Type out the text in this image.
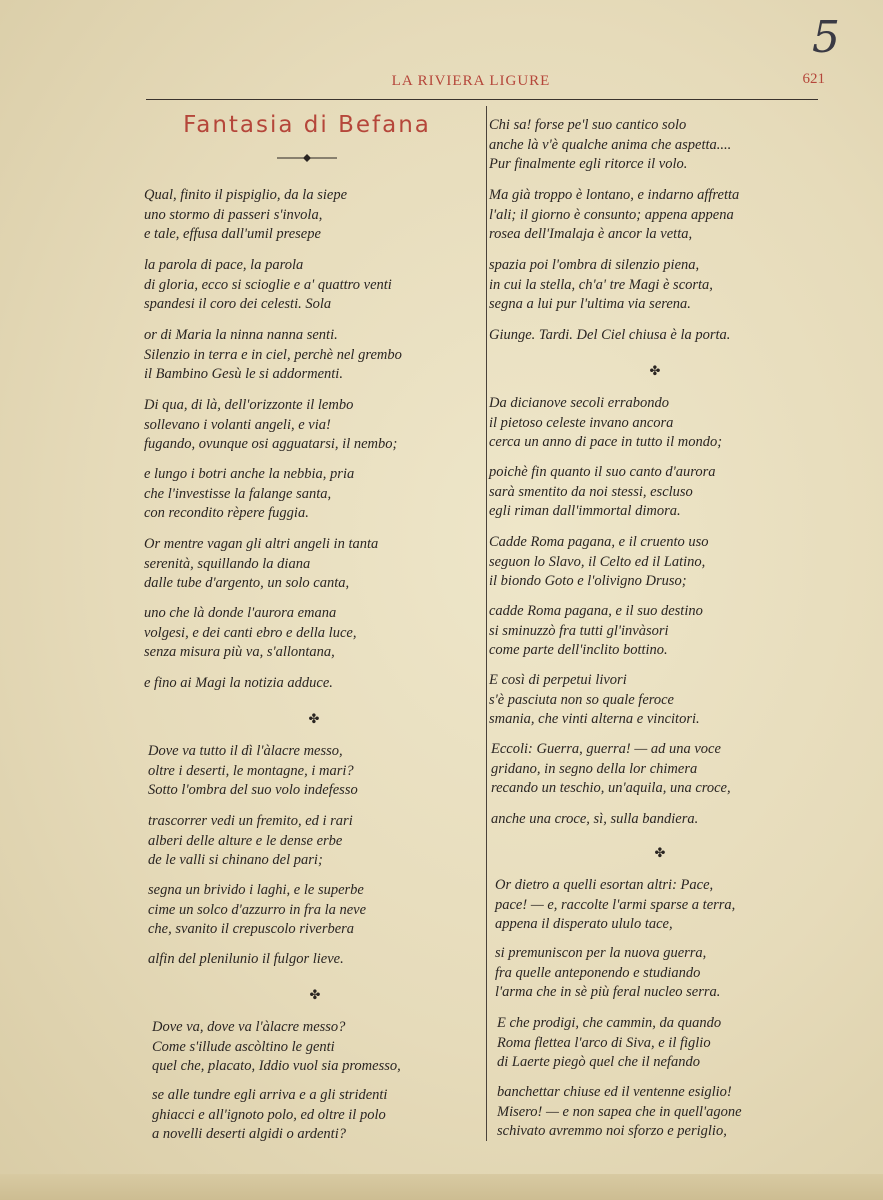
5
LA RIVIERA LIGURE	621
Fantasia di Befana
Qual, finito il pispiglio, da la siepe
uno stormo di passeri s'invola,
e tale, effusa dall'umil presepe
la parola di pace, la parola
di gloria, ecco si sciogliе e a' quattro venti
spandesi il coro dei celesti. Sola
or di Maria la ninna nanna senti.
Silenzio in terra e in ciel, perchè nel grembo
il Bambino Gesù le si addormenti.
Di qua, di là, dell'orizzonte il lembo
sollevano i volanti angeli, e via!
fugando, ovunque osi agguatarsi, il nembo;
e lungo i botri anche la nebbia, pria
che l'investisse la falange santa,
con recondito rèpere fuggia.
Or mentre vagan gli altri angeli in tanta
serenità, squillando la diana
dalle tube d'argento, un solo canta,
uno che là donde l'aurora emana
volgesi, e dei canti ebro e della luce,
senza misura più va, s'allontana,
e fino ai Magi la notizia adduce.
✤
Dove va tutto il dì l'àlacre messo,
oltre i deserti, le montagne, i mari?
Sotto l'ombra del suo volo indefesso
trascorrer vedi un fremito, ed i rari
alberi delle alture e le dense erbe
de le valli si chinano del pari;
segna un brivido i laghi, e le superbe
cime un solco d'azzurro in fra la neve
che, svanito il crepuscolo riverbera
alfin del plenilunio il fulgor lieve.
✤
Dove va, dove va l'àlacre messo?
Come s'illude ascòltino le genti
quel che, placato, Iddio vuol sia promesso,
se alle tundre egli arriva e a gli stridenti
ghiacci e all'ignoto polo, ed oltre il polo
a novelli deserti algidi o ardenti?
Chi sa! forse pe'l suo cantico solo
anche là v'è qualche anima che aspetta....
Pur finalmente egli ritorce il volo.
Ma già troppo è lontano, e indarno affretta
l'ali; il giorno è consunto; appena appena
rosea dell'Imalaja è ancor la vetta,
spazia poi l'ombra di silenzio piena,
in cui la stella, ch'a' tre Magi è scorta,
segna a lui pur l'ultima via serena.
Giunge. Tardi. Del Ciel chiusa è la porta.
✤
Da dicianove secoli errabondo
il pietoso celeste invano ancora
cerca un anno di pace in tutto il mondo;
poichè fin quanto il suo canto d'aurora
sarà smentito da noi stessi, escluso
egli riman dall'immortal dimora.
Cadde Roma pagana, e il cruento uso
seguon lo Slavo, il Celto ed il Latino,
il biondo Goto e l'olivigno Druso;
cadde Roma pagana, e il suo destino
si sminuzzò fra tutti gl'invàsori
come parte dell'inclito bottino.
E così di perpetui livori
s'è pasciuta non so quale feroce
smania, che vinti alterna e vincitori.
Eccoli: Guerra, guerra! — ad una voce
gridano, in segno della lor chimera
recando un teschio, un'aquila, una croce,
anche una croce, sì, sulla bandiera.
✤
Or dietro a quelli esortan altri: Pace,
pace! — e, raccolte l'armi sparse a terra,
appena il disperato ululo tace,
si premuniscon per la nuova guerra,
fra quelle anteponendo e studiando
l'arma che in sè più feral nucleo serra.
E che prodigi, che cammin, da quando
Roma flettea l'arco di Siva, e il figlio
di Laerte piegò quel che il nefando
banchettar chiuse ed il ventenne esiglio!
Misero! — e non sapea che in quell'agone
schivato avremmo noi sforzo e periglio,
